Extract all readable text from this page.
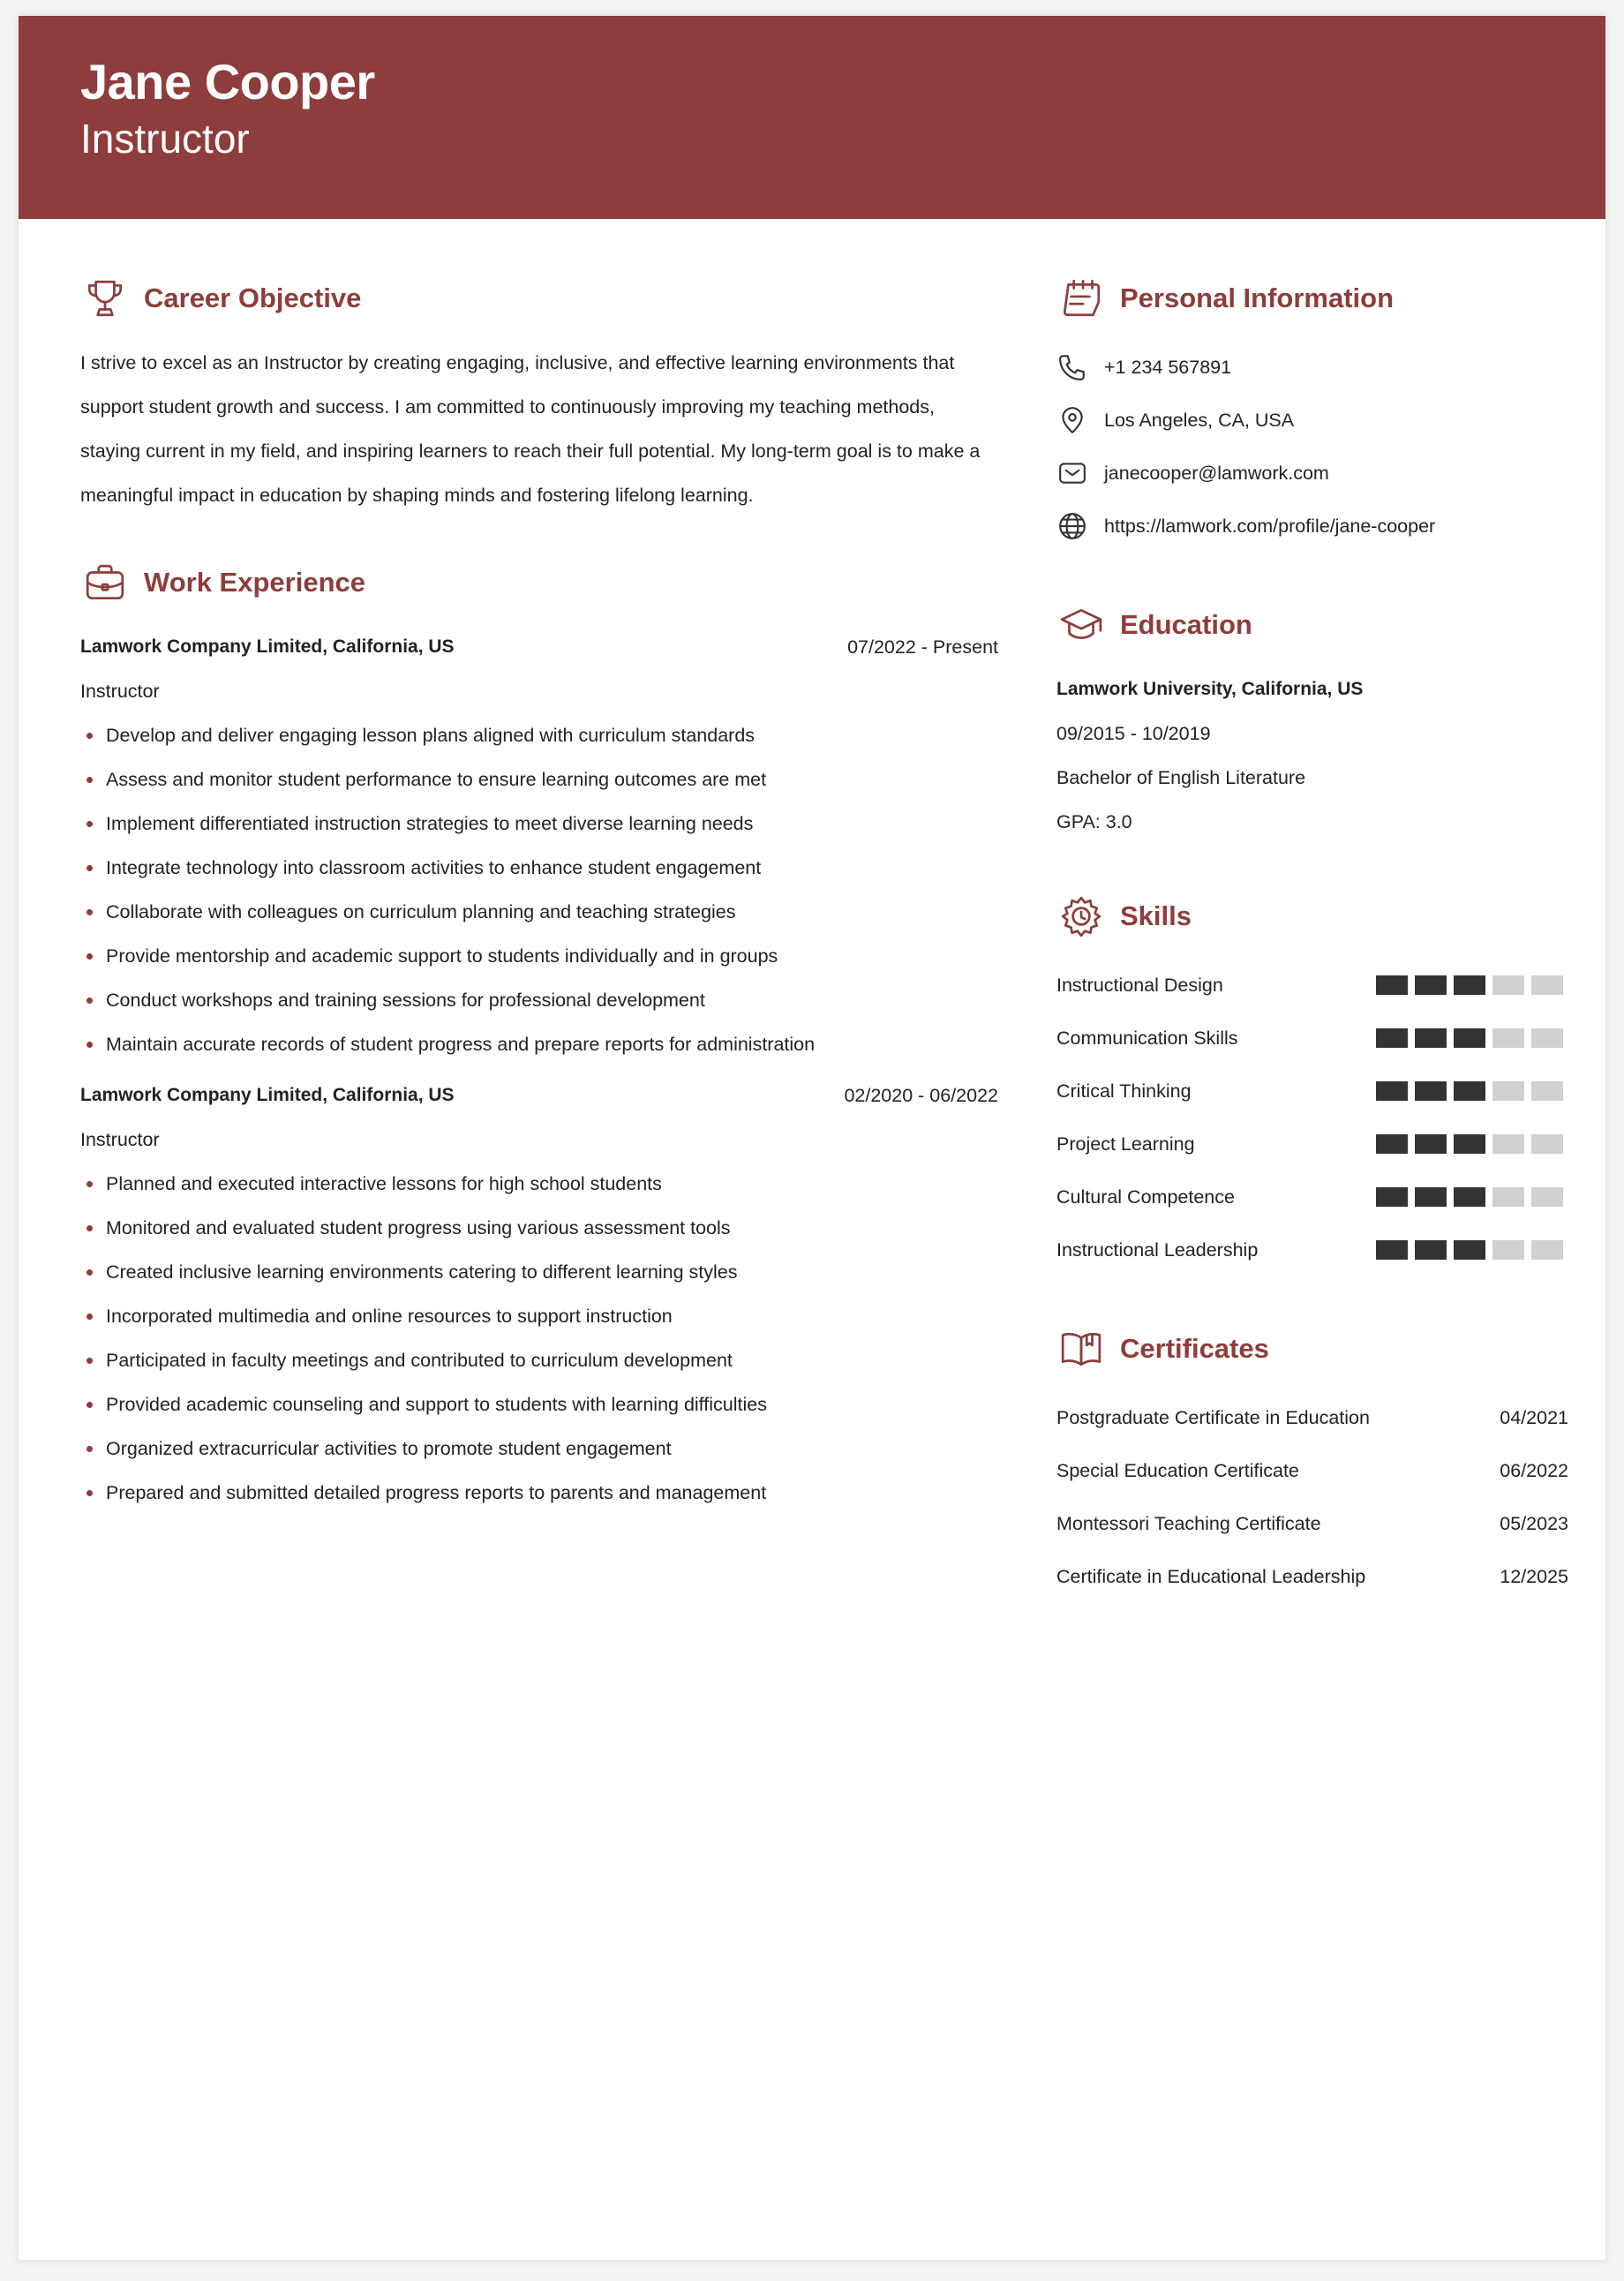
Jane Cooper
Instructor
Career Objective

I strive to excel as an Instructor by creating engaging, inclusive, and effective learning environments that support student growth and success. I am committed to continuously improving my teaching methods, staying current in my field, and inspiring learners to reach their full potential. My long-term goal is to make a meaningful impact in education by shaping minds and fostering lifelong learning.

Work Experience
Lamwork Company Limited, California, US	07/2022 - Present
Instructor
Develop and deliver engaging lesson plans aligned with curriculum standards
Assess and monitor student performance to ensure learning outcomes are met
Implement differentiated instruction strategies to meet diverse learning needs
Integrate technology into classroom activities to enhance student engagement
Collaborate with colleagues on curriculum planning and teaching strategies
Provide mentorship and academic support to students individually and in groups
Conduct workshops and training sessions for professional development
Maintain accurate records of student progress and prepare reports for administration
Lamwork Company Limited, California, US	02/2020 - 06/2022
Instructor
Planned and executed interactive lessons for high school students
Monitored and evaluated student progress using various assessment tools
Created inclusive learning environments catering to different learning styles
Incorporated multimedia and online resources to support instruction
Participated in faculty meetings and contributed to curriculum development
Provided academic counseling and support to students with learning difficulties
Organized extracurricular activities to promote student engagement
Prepared and submitted detailed progress reports to parents and management
Personal Information
+1 234 567891
Los Angeles, CA, USA
janecooper@lamwork.com
https://lamwork.com/profile/jane-cooper
Education
Lamwork University, California, US
09/2015 - 10/2019
Bachelor of English Literature
GPA: 3.0
Skills
Instructional Design
Communication Skills
Critical Thinking
Project Learning
Cultural Competence
Instructional Leadership
Certificates
Postgraduate Certificate in Education	04/2021
Special Education Certificate	06/2022
Montessori Teaching Certificate	05/2023
Certificate in Educational Leadership	12/2025
